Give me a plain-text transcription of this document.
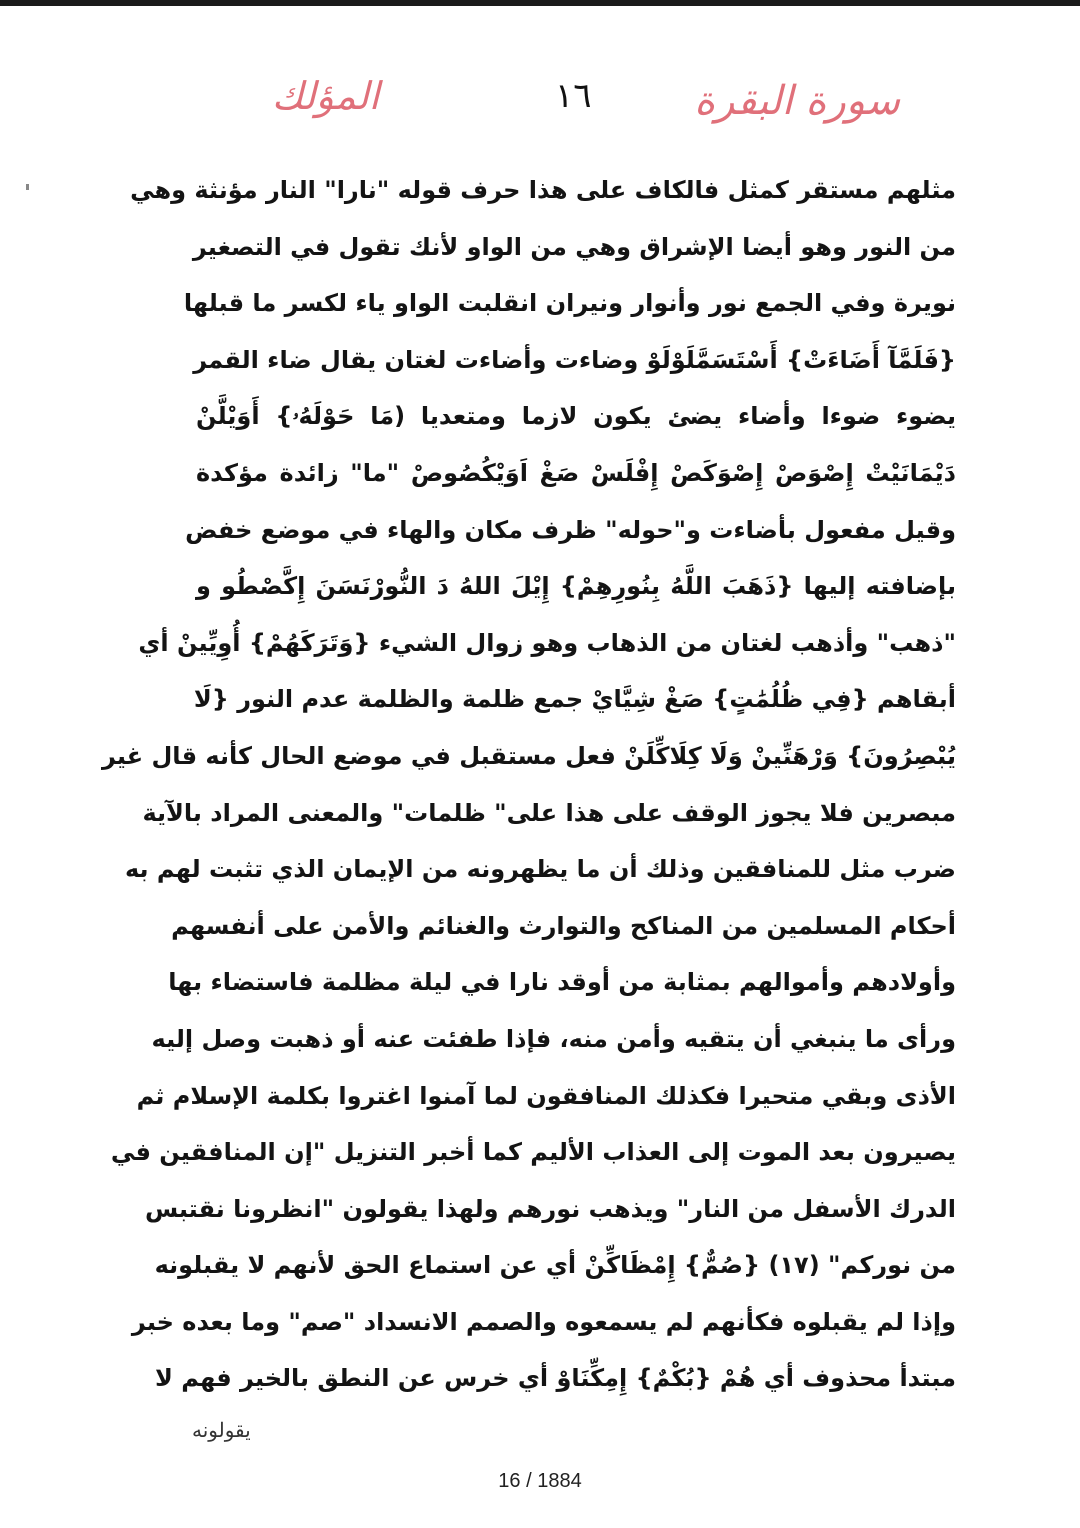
سورة البقرة
١٦
المؤلك
مثلهم مستقر كمثل فالكاف على هذا حرف قوله "نارا" النار مؤنثة وهي
من النور وهو أيضا الإشراق وهي من الواو لأنك تقول في التصغير
نويرة وفي الجمع نور وأنوار ونيران انقلبت الواو ياء لكسر ما قبلها
{فَلَمَّآ أَضَاءَتْ} أَسْتَسَمَّلَوْلَوْ وضاءت وأضاءت لغتان يقال ضاء القمر
يضوء ضوءا وأضاء يضئ يكون لازما ومتعديا (مَا حَوْلَهُۥ} أَوَيْلَّنْ
دَيْمَانَيْتْ إِصْوَصْ إِصْوَكَصْ إِفْلَسْ صَغْ اَوَيْكُصُوصْ "ما" زائدة مؤكدة
وقيل مفعول بأضاءت و"حوله" ظرف مكان والهاء في موضع خفض
بإضافته إليها {ذَهَبَ اللَّهُ بِنُورِهِمْ} إِيْلَ اللهُ دَ النُّورْنَسَنَ إِكَّصْطُو و
"ذهب" وأذهب لغتان من الذهاب وهو زوال الشيء {وَتَرَكَهُمْ} أُوِيِّينْ أي
أبقاهم {فِي ظُلُمَٰتٍ} صَغْ شِيَّايْ جمع ظلمة والظلمة عدم النور {لَا
يُبْصِرُونَ} وَرْهَنِّينْ وَلَا كِلَاكِّلَنْ فعل مستقبل في موضع الحال كأنه قال غير
مبصرين فلا يجوز الوقف على هذا على" ظلمات" والمعنى المراد بالآية
ضرب مثل للمنافقين وذلك أن ما يظهرونه من الإيمان الذي تثبت لهم به
أحكام المسلمين من المناكح والتوارث والغنائم والأمن على أنفسهم
وأولادهم وأموالهم بمثابة من أوقد نارا في ليلة مظلمة فاستضاء بها
ورأى ما ينبغي أن يتقيه وأمن منه، فإذا طفئت عنه أو ذهبت وصل إليه
الأذى وبقي متحيرا فكذلك المنافقون لما آمنوا اغتروا بكلمة الإسلام ثم
يصيرون بعد الموت إلى العذاب الأليم كما أخبر التنزيل "إن المنافقين في
الدرك الأسفل من النار" ويذهب نورهم ولهذا يقولون "انظرونا نقتبس
من نوركم" (١٧) {صُمٌّ} إِمْظَاكِّنْ أي عن استماع الحق لأنهم لا يقبلونه
وإذا لم يقبلوه فكأنهم لم يسمعوه والصمم الانسداد "صم" وما بعده خبر
مبتدأ محذوف أي هُمْ {بُكْمٌ} إِمِكِّنَاوْ أي خرس عن النطق بالخير فهم لا
يقولونه
16 / 1884
